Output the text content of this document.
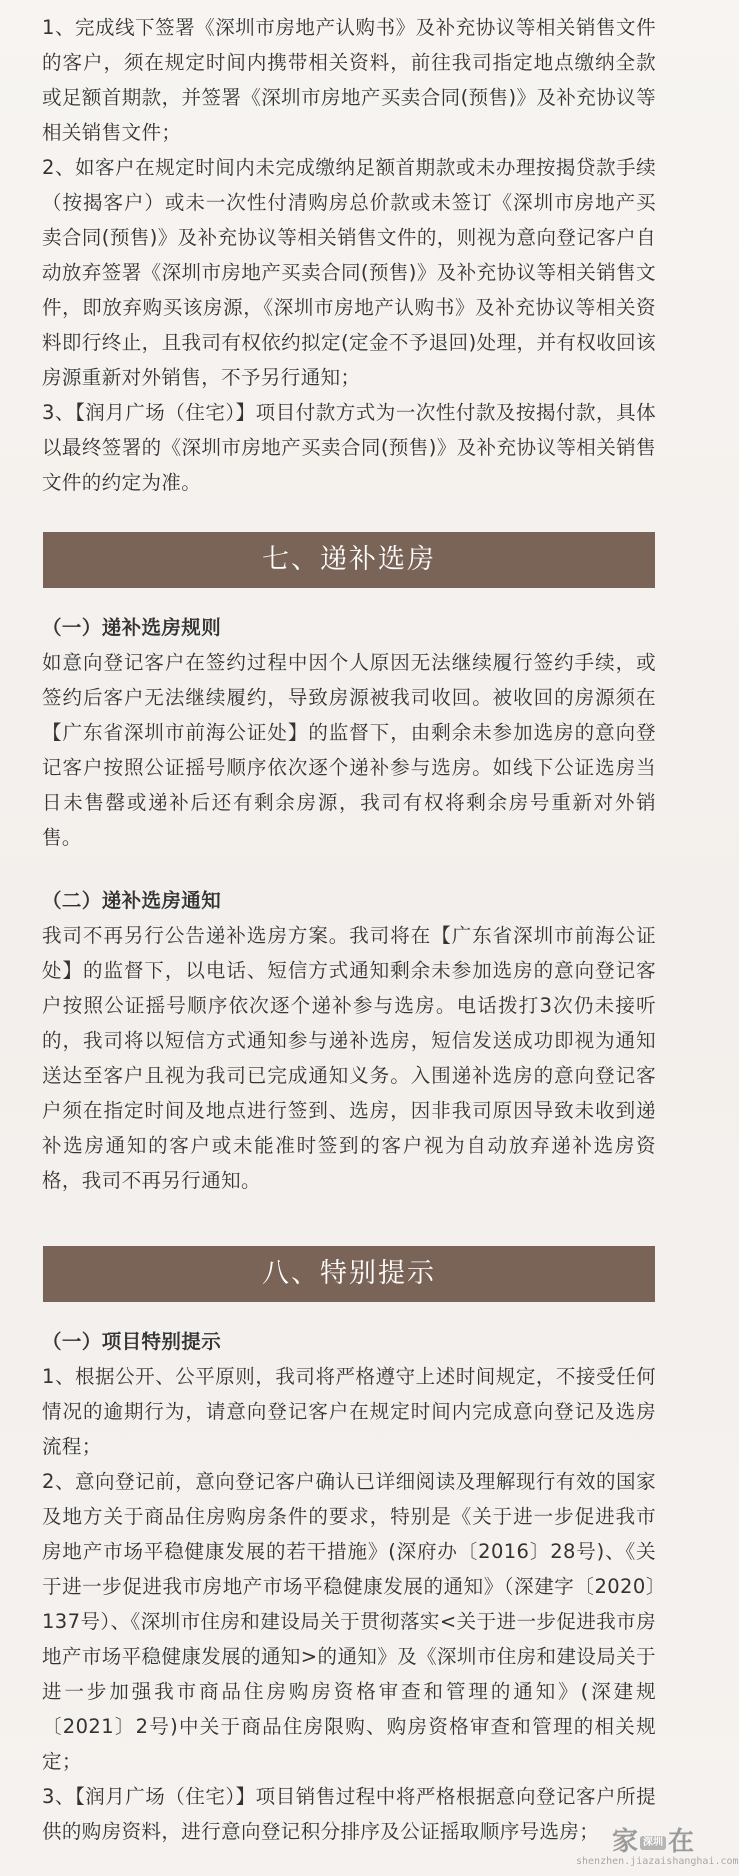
1、完成线下签署《深圳市房地产认购书》及补充协议等相关销售文件的客户，须在规定时间内携带相关资料，前往我司指定地点缴纳全款或足额首期款，并签署《深圳市房地产买卖合同(预售)》及补充协议等相关销售文件；

2、如客户在规定时间内未完成缴纳足额首期款或未办理按揭贷款手续（按揭客户）或未一次性付清购房总价款或未签订《深圳市房地产买卖合同(预售)》及补充协议等相关销售文件的，则视为意向登记客户自动放弃签署《深圳市房地产买卖合同(预售)》及补充协议等相关销售文件，即放弃购买该房源，《深圳市房地产认购书》及补充协议等相关资料即行终止，且我司有权依约拟定(定金不予退回)处理，并有权收回该房源重新对外销售，不予另行通知；

3、【润月广场（住宅）】项目付款方式为一次性付款及按揭付款，具体以最终签署的《深圳市房地产买卖合同(预售)》及补充协议等相关销售文件的约定为准。

七、递补选房

（一）递补选房规则

如意向登记客户在签约过程中因个人原因无法继续履行签约手续，或签约后客户无法继续履约，导致房源被我司收回。被收回的房源须在【广东省深圳市前海公证处】的监督下，由剩余未参加选房的意向登记客户按照公证摇号顺序依次逐个递补参与选房。如线下公证选房当日未售罄或递补后还有剩余房源，我司有权将剩余房号重新对外销售。

（二）递补选房通知

我司不再另行公告递补选房方案。我司将在【广东省深圳市前海公证处】的监督下，以电话、短信方式通知剩余未参加选房的意向登记客户按照公证摇号顺序依次逐个递补参与选房。电话拨打3次仍未接听的，我司将以短信方式通知参与递补选房，短信发送成功即视为通知送达至客户且视为我司已完成通知义务。入围递补选房的意向登记客户须在指定时间及地点进行签到、选房，因非我司原因导致未收到递补选房通知的客户或未能准时签到的客户视为自动放弃递补选房资格，我司不再另行通知。

八、特别提示

（一）项目特别提示

1、根据公开、公平原则，我司将严格遵守上述时间规定，不接受任何情况的逾期行为，请意向登记客户在规定时间内完成意向登记及选房流程；

2、意向登记前，意向登记客户确认已详细阅读及理解现行有效的国家及地方关于商品住房购房条件的要求，特别是《关于进一步促进我市房地产市场平稳健康发展的若干措施》(深府办〔2016〕28号)、《关于进一步促进我市房地产市场平稳健康发展的通知》（深建字〔2020〕137号）、《深圳市住房和建设局关于贯彻落实<关于进一步促进我市房地产市场平稳健康发展的通知>的通知》及《深圳市住房和建设局关于进一步加强我市商品住房购房资格审查和管理的通知》(深建规〔2021〕2号)中关于商品住房限购、购房资格审查和管理的相关规定；

3、【润月广场（住宅）】项目销售过程中将严格根据意向登记客户所提供的购房资料，进行意向登记积分排序及公证摇取顺序号选房； 家 深圳 在
shenzhen.jiazaishanghai.com
